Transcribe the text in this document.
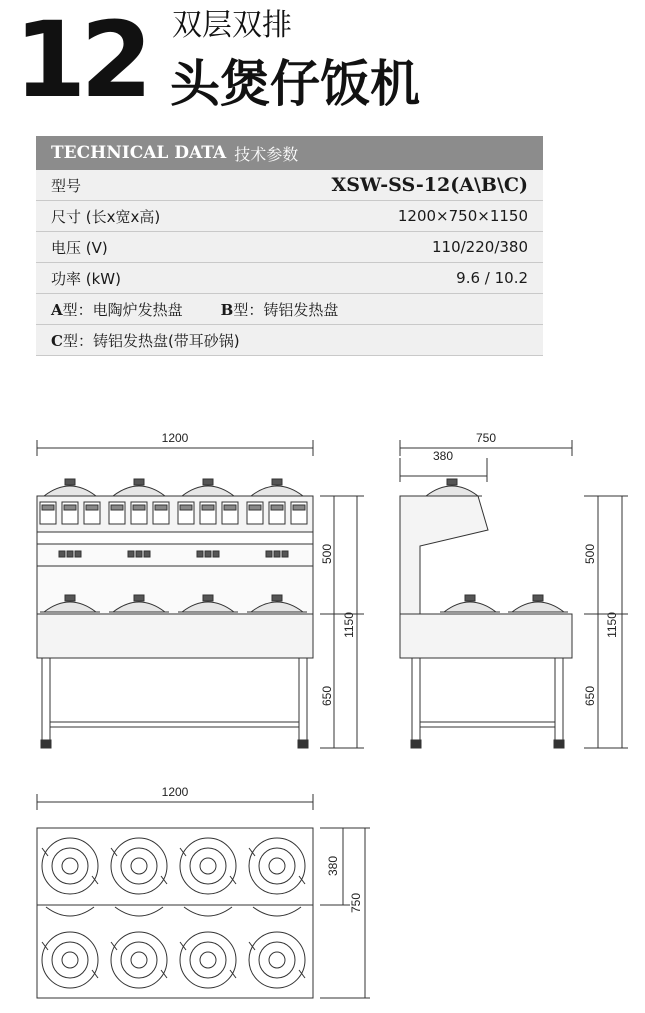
12 双层双排
头煲仔饭机
TECHNICAL DATA 技术参数
型号	XSW-SS-12(A\B\C)
尺寸 (长x宽x高)	1200×750×1150
电压 (V)	110/220/380
功率 (kW)	9.6 / 10.2
A 型：电陶炉发热盘	B 型：铸铝发热盘
C 型：铸铝发热盘(带耳砂锅)
1200
500
1150
650
750
380
500
1150
650
1200
380
750
